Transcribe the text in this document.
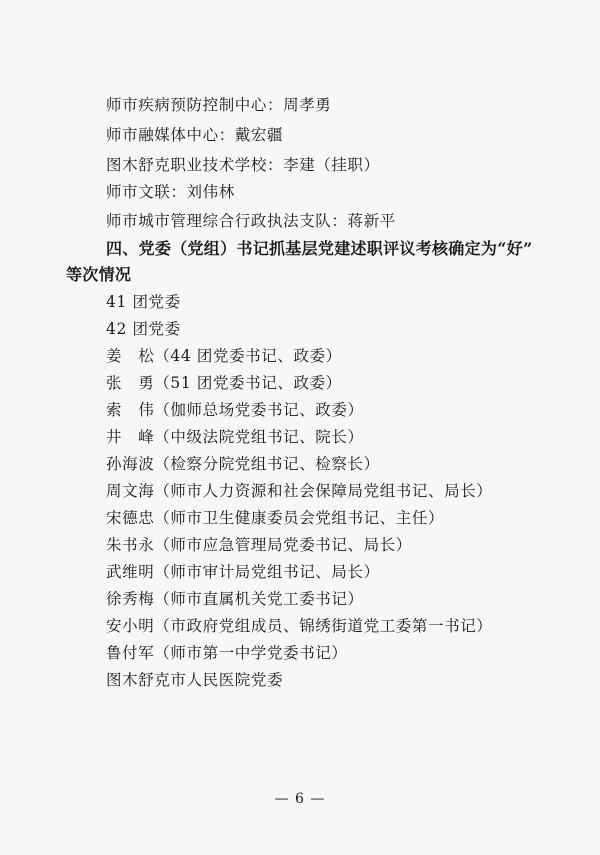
师市疾病预防控制中心：周孝勇
师市融媒体中心：戴宏疆
图木舒克职业技术学校：李建（挂职）
师市文联：刘伟林
师市城市管理综合行政执法支队：蒋新平
四、党委（党组）书记抓基层党建述职评议考核确定为“好”
等次情况
41 团党委
42 团党委
姜　松（44 团党委书记、政委）
张　勇（51 团党委书记、政委）
索　伟（伽师总场党委书记、政委）
井　峰（中级法院党组书记、院长）
孙海波（检察分院党组书记、检察长）
周文海（师市人力资源和社会保障局党组书记、局长）
宋德忠（师市卫生健康委员会党组书记、主任）
朱书永（师市应急管理局党委书记、局长）
武维明（师市审计局党组书记、局长）
徐秀梅（师市直属机关党工委书记）
安小明（市政府党组成员、锦绣街道党工委第一书记）
鲁付军（师市第一中学党委书记）
图木舒克市人民医院党委
— 6 —
